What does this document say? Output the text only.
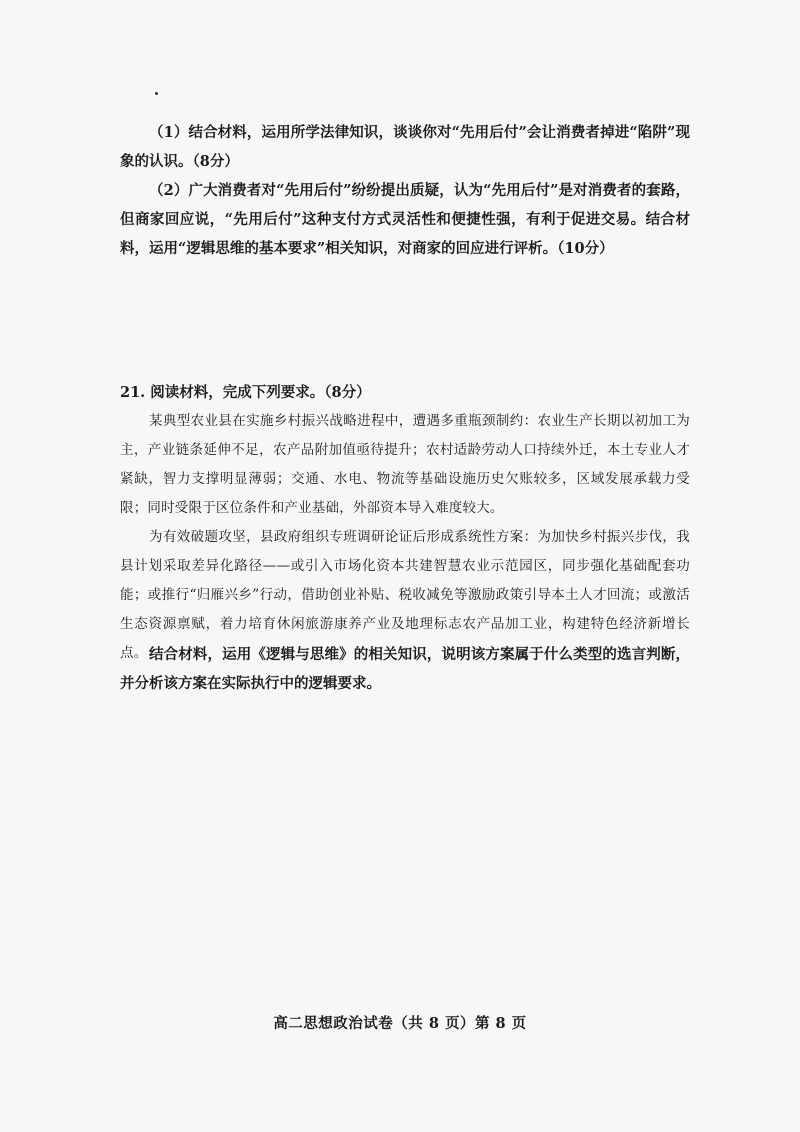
（1）结合材料，运用所学法律知识，谈谈你对“先用后付”会让消费者掉进“陷阱”现象的认识。（8分）

（2）广大消费者对“先用后付”纷纷提出质疑，认为“先用后付”是对消费者的套路，但商家回应说，“先用后付”这种支付方式灵活性和便捷性强，有利于促进交易。结合材料，运用“逻辑思维的基本要求”相关知识，对商家的回应进行评析。（10分）

21. 阅读材料，完成下列要求。（8分）

某典型农业县在实施乡村振兴战略进程中，遭遇多重瓶颈制约：农业生产长期以初加工为主，产业链条延伸不足，农产品附加值亟待提升；农村适龄劳动人口持续外迁，本土专业人才紧缺，智力支撑明显薄弱；交通、水电、物流等基础设施历史欠账较多，区域发展承载力受限；同时受限于区位条件和产业基础，外部资本导入难度较大。

为有效破题攻坚，县政府组织专班调研论证后形成系统性方案：为加快乡村振兴步伐，我县计划采取差异化路径——或引入市场化资本共建智慧农业示范园区，同步强化基础配套功能；或推行“归雁兴乡”行动，借助创业补贴、税收减免等激励政策引导本土人才回流；或激活生态资源禀赋，着力培育休闲旅游康养产业及地理标志农产品加工业，构建特色经济新增长点。 结合材料，运用《逻辑与思维》的相关知识，说明该方案属于什么类型的选言判断，并分析该方案在实际执行中的逻辑要求。

高二思想政治试卷（共 8 页）第 8 页
